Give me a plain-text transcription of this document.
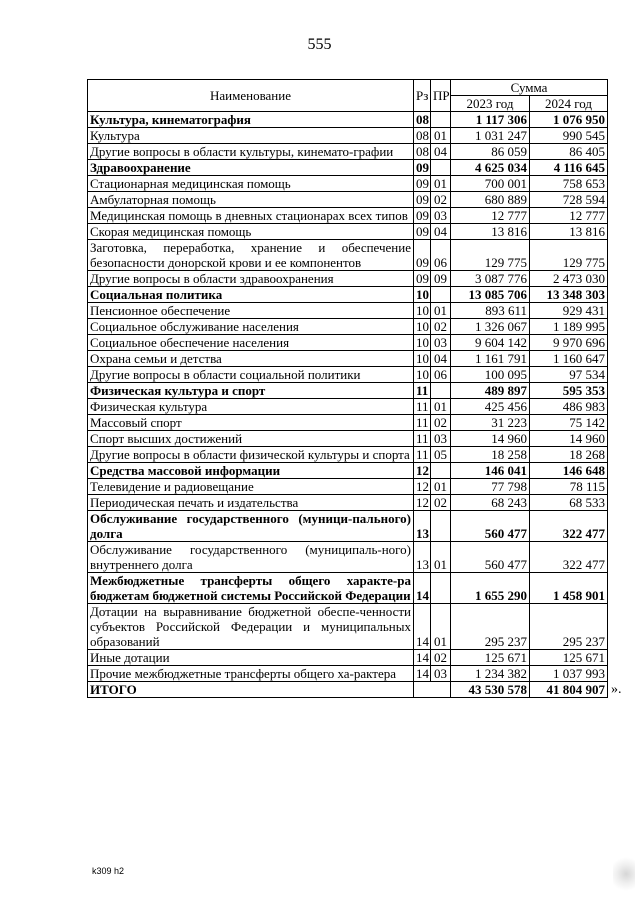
555
Наименование	Рз	ПР	Сумма	
			2023 год	2024 год
Культура, кинематография	08		1 117 306	1 076 950
Культура	08	01	1 031 247	990 545
Другие вопросы в области культуры, кинемато-графии	08	04	86 059	86 405
Здравоохранение	09		4 625 034	4 116 645
Стационарная медицинская помощь	09	01	700 001	758 653
Амбулаторная помощь	09	02	680 889	728 594
Медицинская помощь в дневных стационарах всех типов	09	03	12 777	12 777
Скорая медицинская помощь	09	04	13 816	13 816
Заготовка, переработка, хранение и обеспечение безопасности донорской крови и ее компонентов	09	06	129 775	129 775
Другие вопросы в области здравоохранения	09	09	3 087 776	2 473 030
Социальная политика	10		13 085 706	13 348 303
Пенсионное обеспечение	10	01	893 611	929 431
Социальное обслуживание населения	10	02	1 326 067	1 189 995
Социальное обеспечение населения	10	03	9 604 142	9 970 696
Охрана семьи и детства	10	04	1 161 791	1 160 647
Другие вопросы в области социальной политики	10	06	100 095	97 534
Физическая культура и спорт	11		489 897	595 353
Физическая культура	11	01	425 456	486 983
Массовый спорт	11	02	31 223	75 142
Спорт высших достижений	11	03	14 960	14 960
Другие вопросы в области физической культуры и спорта	11	05	18 258	18 268
Средства массовой информации	12		146 041	146 648
Телевидение и радиовещание	12	01	77 798	78 115
Периодическая печать и издательства	12	02	68 243	68 533
Обслуживание государственного (муници-пального) долга	13		560 477	322 477
Обслуживание государственного (муниципаль-ного) внутреннего долга	13	01	560 477	322 477
Межбюджетные трансферты общего характе-ра бюджетам бюджетной системы Российской Федерации	14		1 655 290	1 458 901
Дотации на выравнивание бюджетной обеспе-ченности субъектов Российской Федерации и муниципальных образований	14	01	295 237	295 237
Иные дотации	14	02	125 671	125 671
Прочие межбюджетные трансферты общего ха-рактера	14	03	1 234 382	1 037 993
ИТОГО			43 530 578	41 804 907
k309 h2
».
